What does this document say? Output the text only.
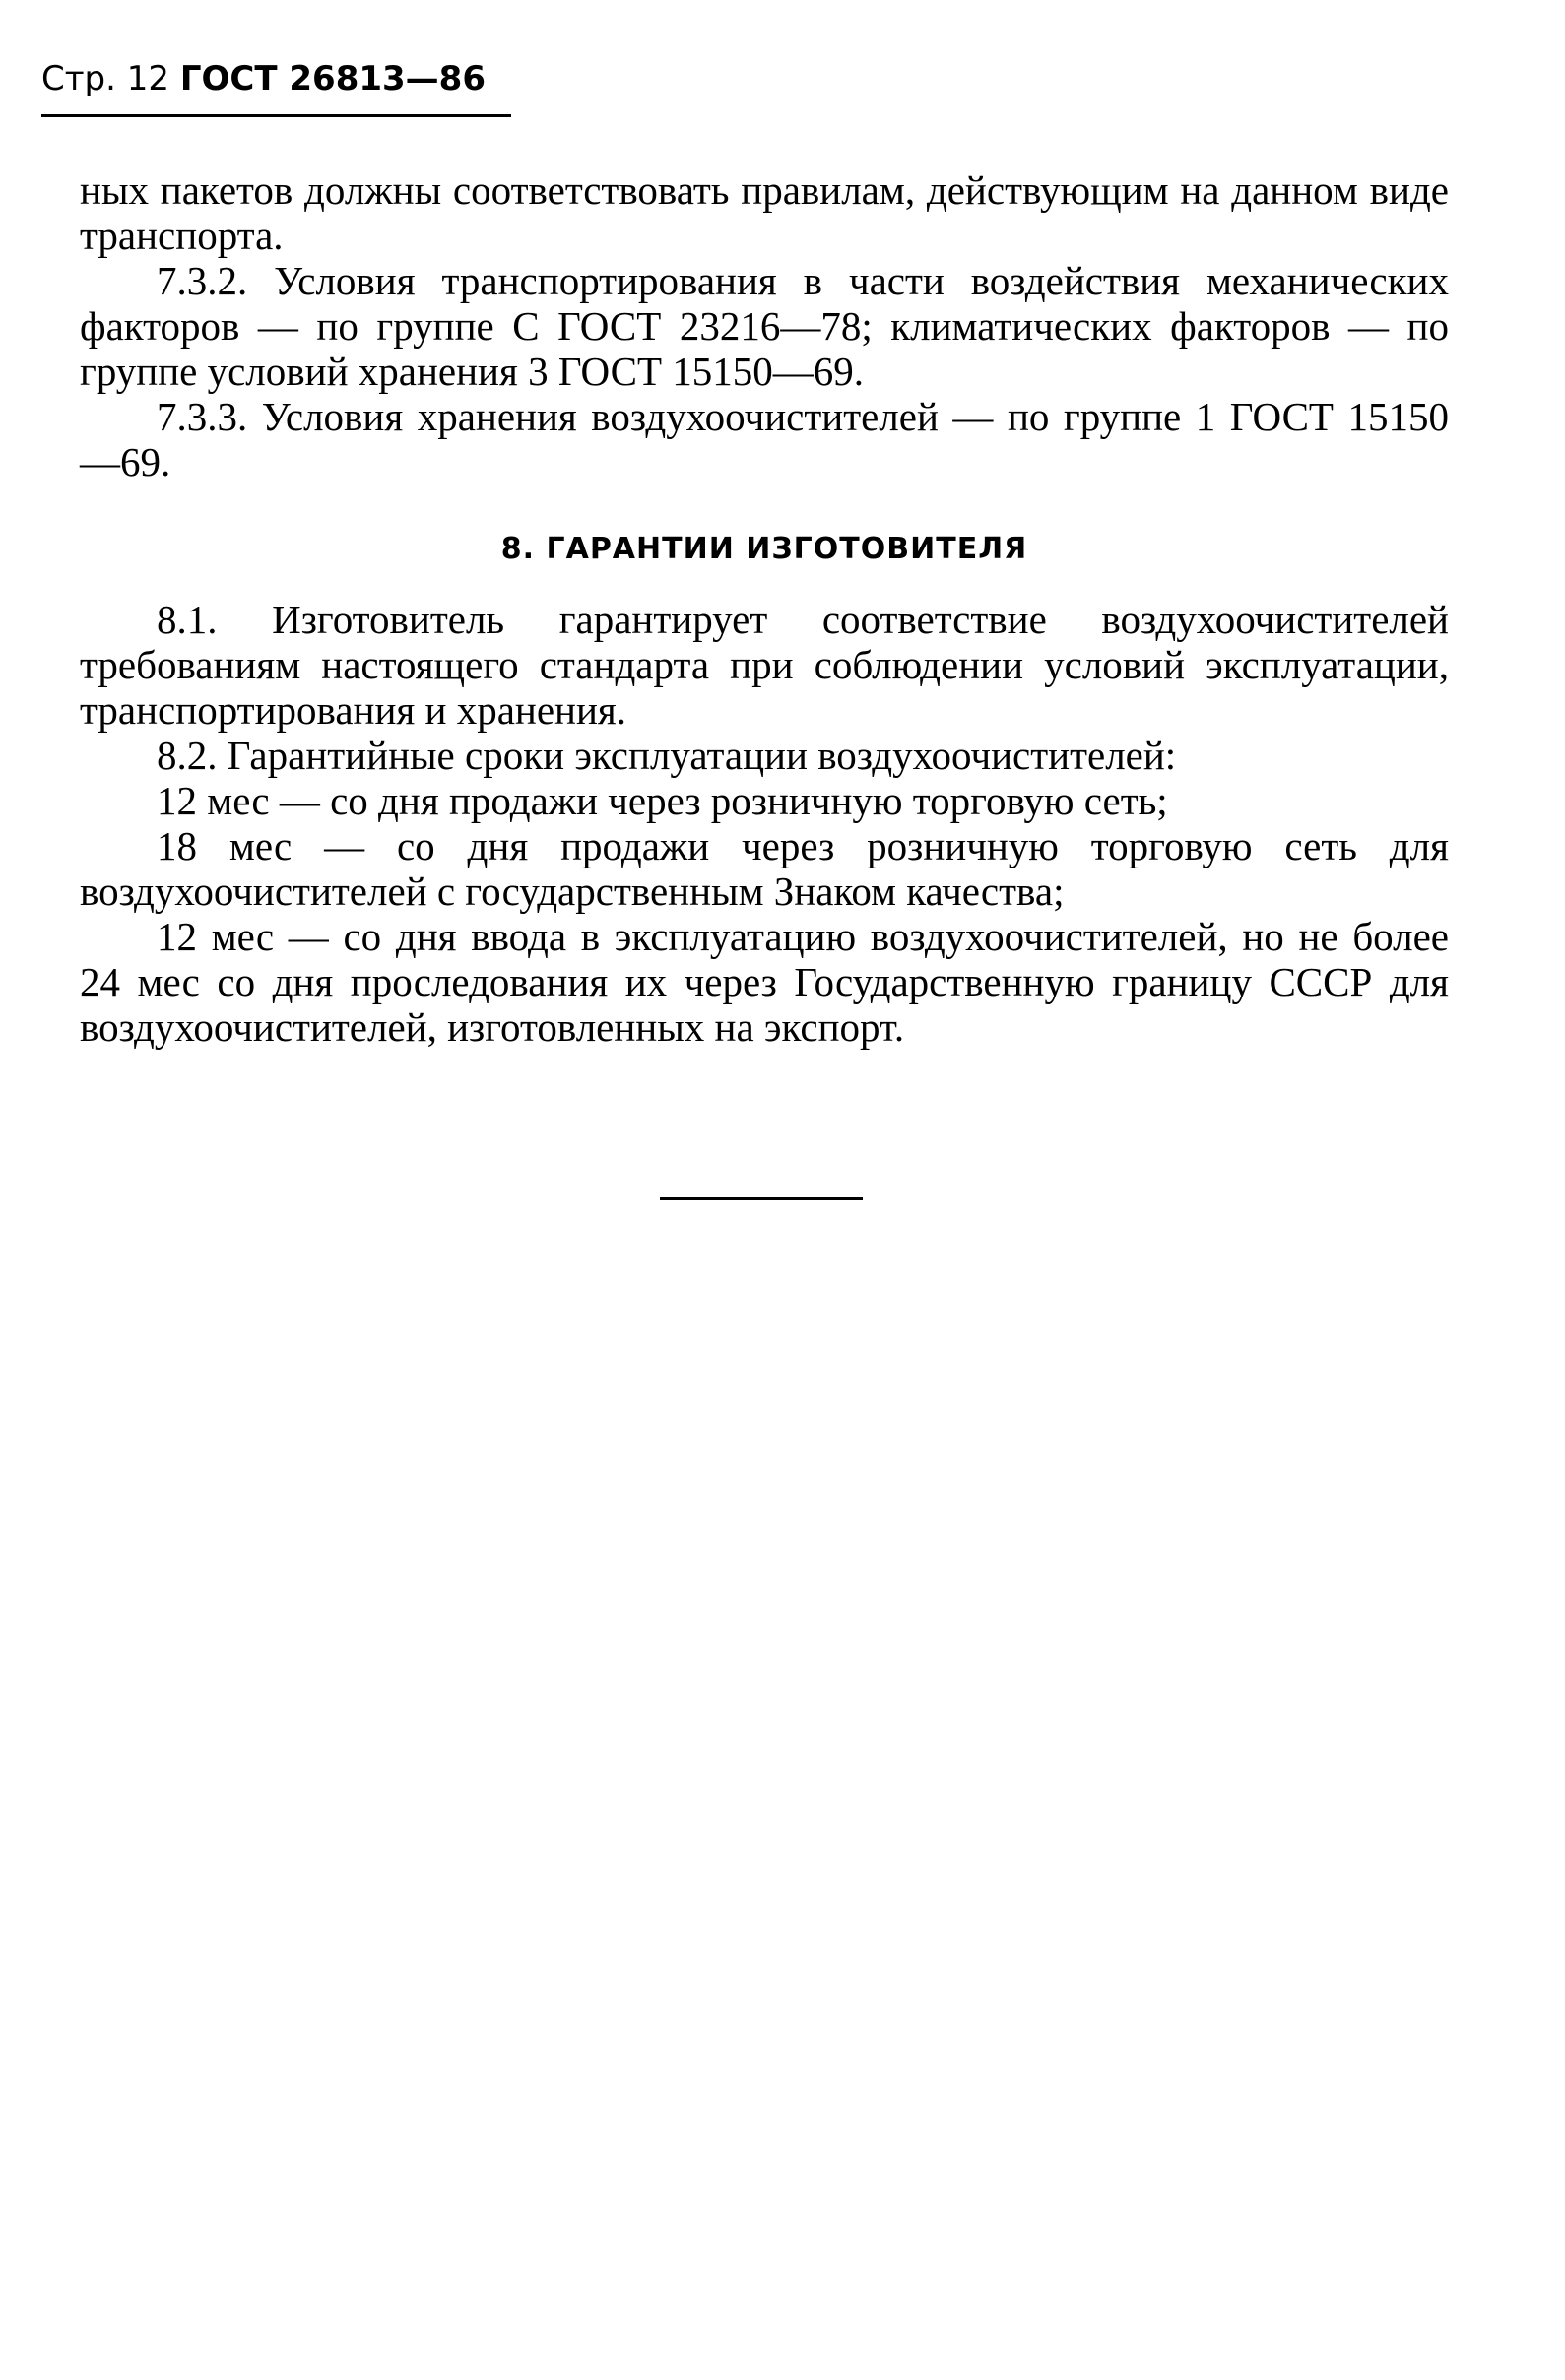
Стр. 12 ГОСТ 26813—86

ных пакетов должны соответствовать правилам, действующим на данном виде транспорта.

7.3.2. Условия транспортирования в части воздействия механических факторов — по группе С ГОСТ 23216—78; климатических факторов — по группе условий хранения 3 ГОСТ 15150—69.

7.3.3. Условия хранения воздухоочистителей — по группе 1 ГОСТ 15150—69.

8. ГАРАНТИИ ИЗГОТОВИТЕЛЯ

8.1. Изготовитель гарантирует соответствие воздухоочистителей требованиям настоящего стандарта при соблюдении условий эксплуатации, транспортирования и хранения.

8.2. Гарантийные сроки эксплуатации воздухоочистителей:

12 мес — со дня продажи через розничную торговую сеть;

18 мес — со дня продажи через розничную торговую сеть для воздухоочистителей с государственным Знаком качества;

12 мес — со дня ввода в эксплуатацию воздухоочистителей, но не более 24 мес со дня проследования их через Государственную границу СССР для воздухоочистителей, изготовленных на экспорт.
